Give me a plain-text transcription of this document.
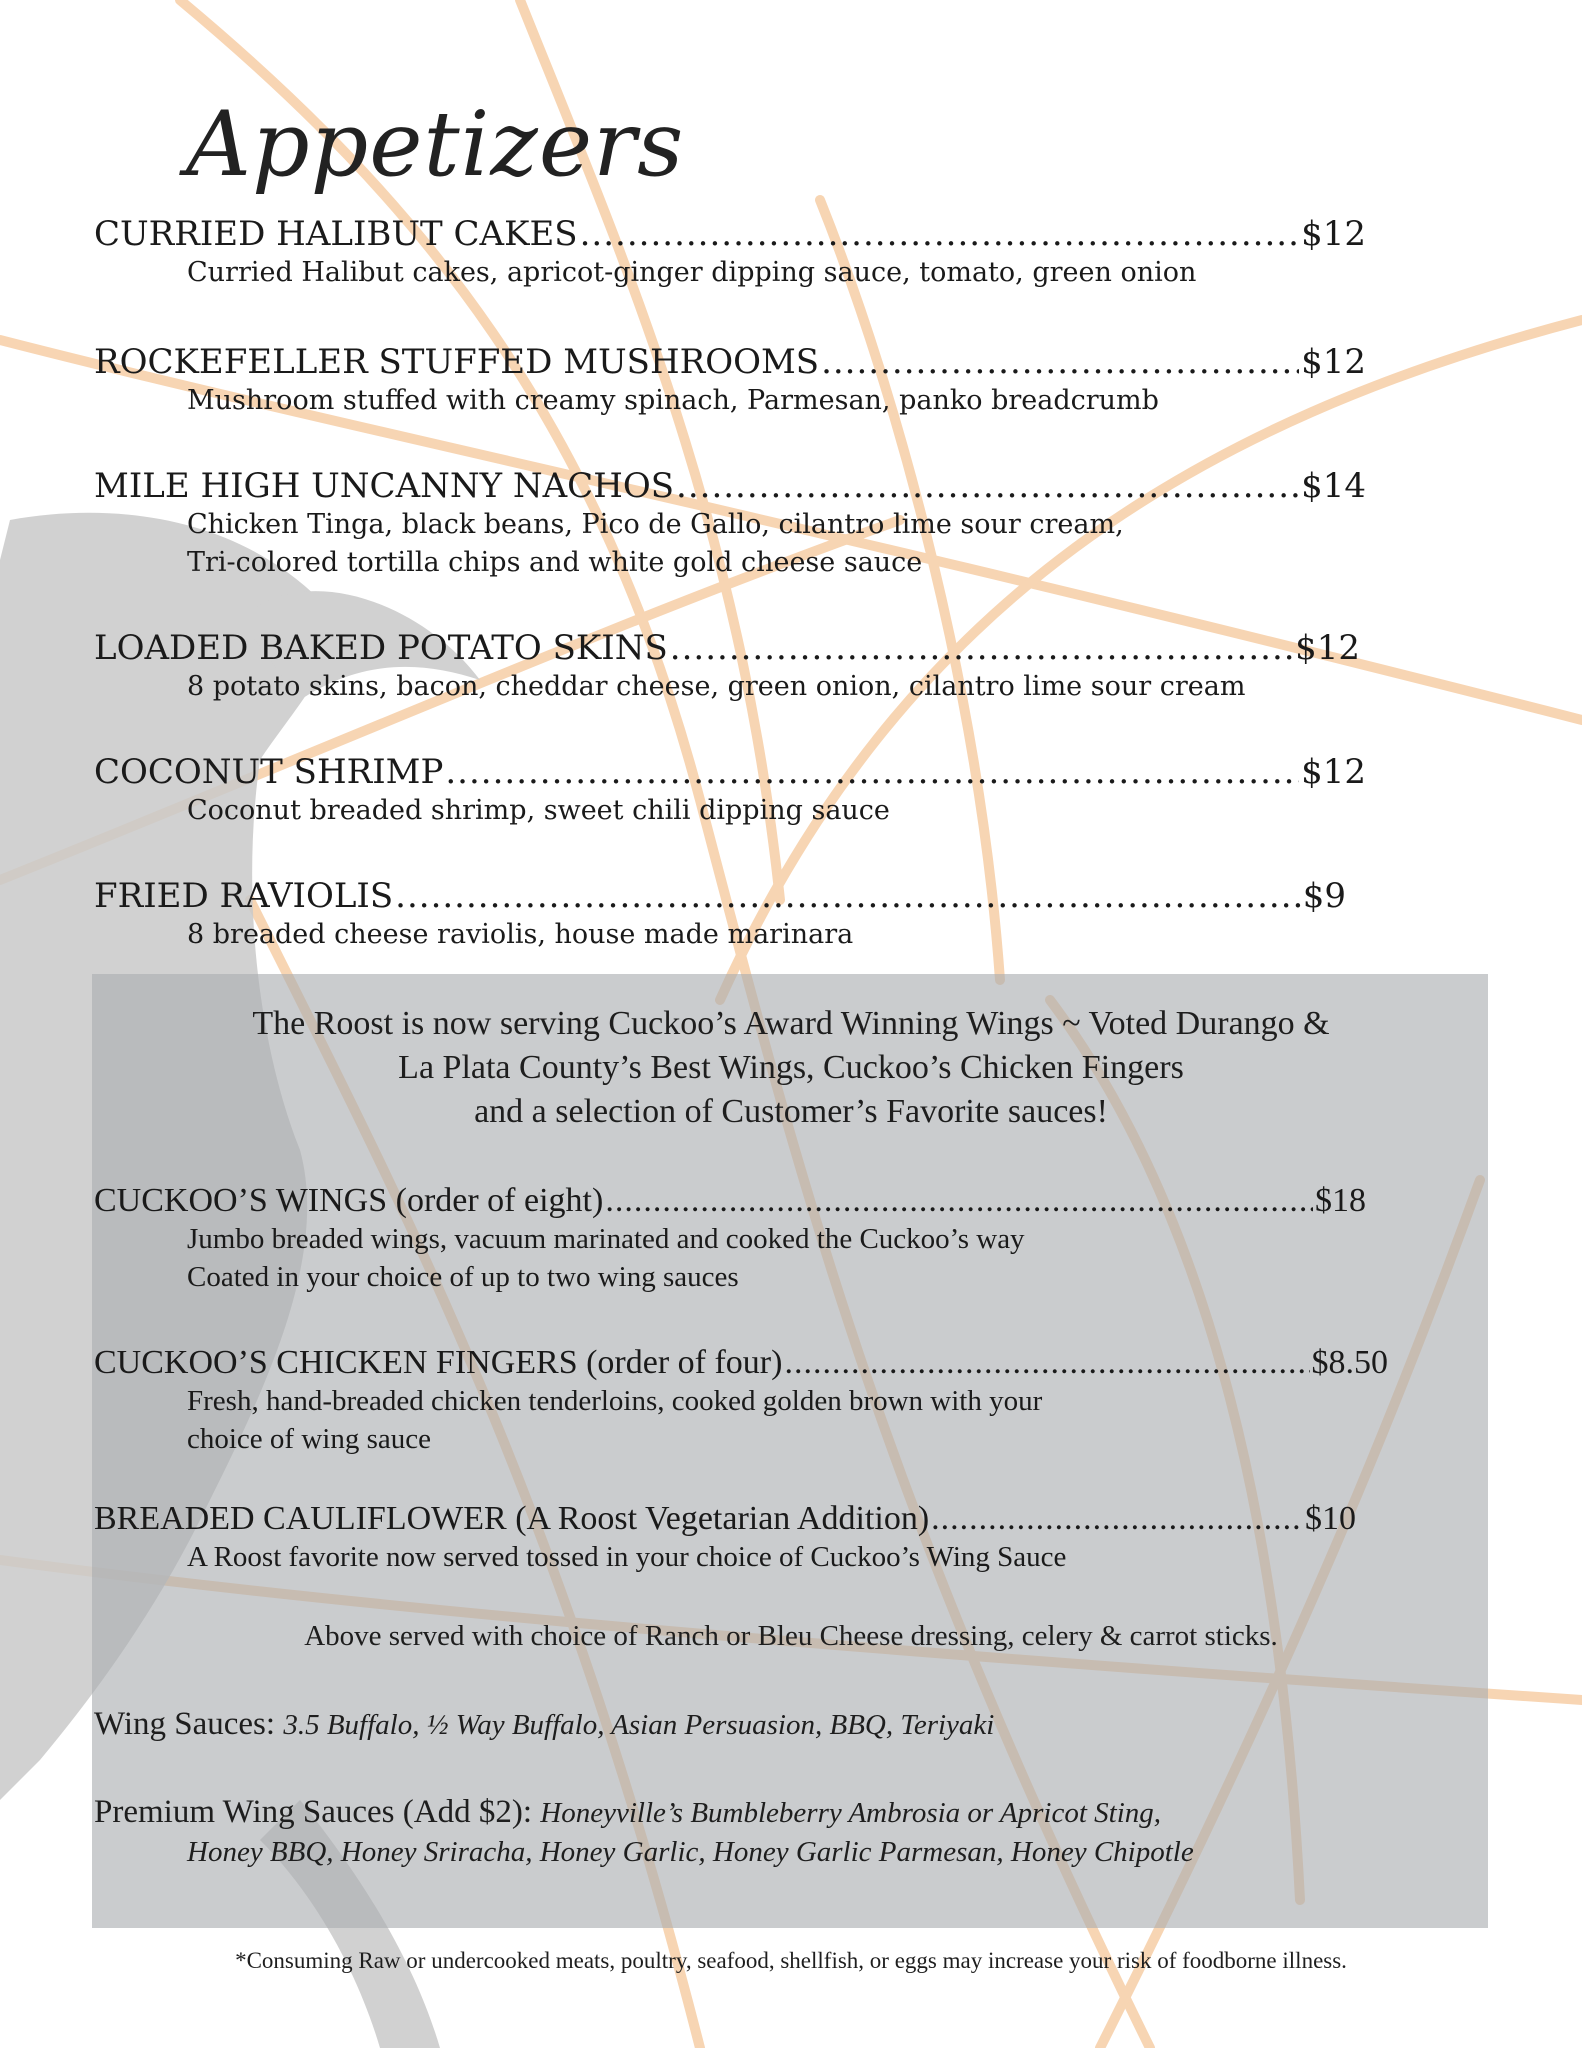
Appetizers
CURRIED HALIBUT CAKES .....	$12
Curried Halibut cakes, apricot-ginger dipping sauce, tomato, green onion
ROCKEFELLER STUFFED MUSHROOMS .....	$12
Mushroom stuffed with creamy spinach, Parmesan, panko breadcrumb
MILE HIGH UNCANNY NACHOS .....	$14
Chicken Tinga, black beans, Pico de Gallo, cilantro lime sour cream,
Tri-colored tortilla chips and white gold cheese sauce
LOADED BAKED POTATO SKINS .....	$12
8 potato skins, bacon, cheddar cheese, green onion, cilantro lime sour cream
COCONUT SHRIMP .....	$12
Coconut breaded shrimp, sweet chili dipping sauce
FRIED RAVIOLIS .....	$9
8 breaded cheese raviolis, house made marinara
The Roost is now serving Cuckoo’s Award Winning Wings ~ Voted Durango &
La Plata County’s Best Wings, Cuckoo’s Chicken Fingers
and a selection of Customer’s Favorite sauces!
CUCKOO’S WINGS (order of eight) .....	$18
Jumbo breaded wings, vacuum marinated and cooked the Cuckoo’s way
Coated in your choice of up to two wing sauces
CUCKOO’S CHICKEN FINGERS (order of four) .....	$8.50
Fresh, hand-breaded chicken tenderloins, cooked golden brown with your
choice of wing sauce
BREADED CAULIFLOWER (A Roost Vegetarian Addition) .....	$10
A Roost favorite now served tossed in your choice of Cuckoo’s Wing Sauce
Above served with choice of Ranch or Bleu Cheese dressing, celery & carrot sticks.
Wing Sauces: 3.5 Buffalo, ½ Way Buffalo, Asian Persuasion, BBQ, Teriyaki
Premium Wing Sauces (Add $2): Honeyville’s Bumbleberry Ambrosia or Apricot Sting,
Honey BBQ, Honey Sriracha, Honey Garlic, Honey Garlic Parmesan, Honey Chipotle
*Consuming Raw or undercooked meats, poultry, seafood, shellfish, or eggs may increase your risk of foodborne illness.
